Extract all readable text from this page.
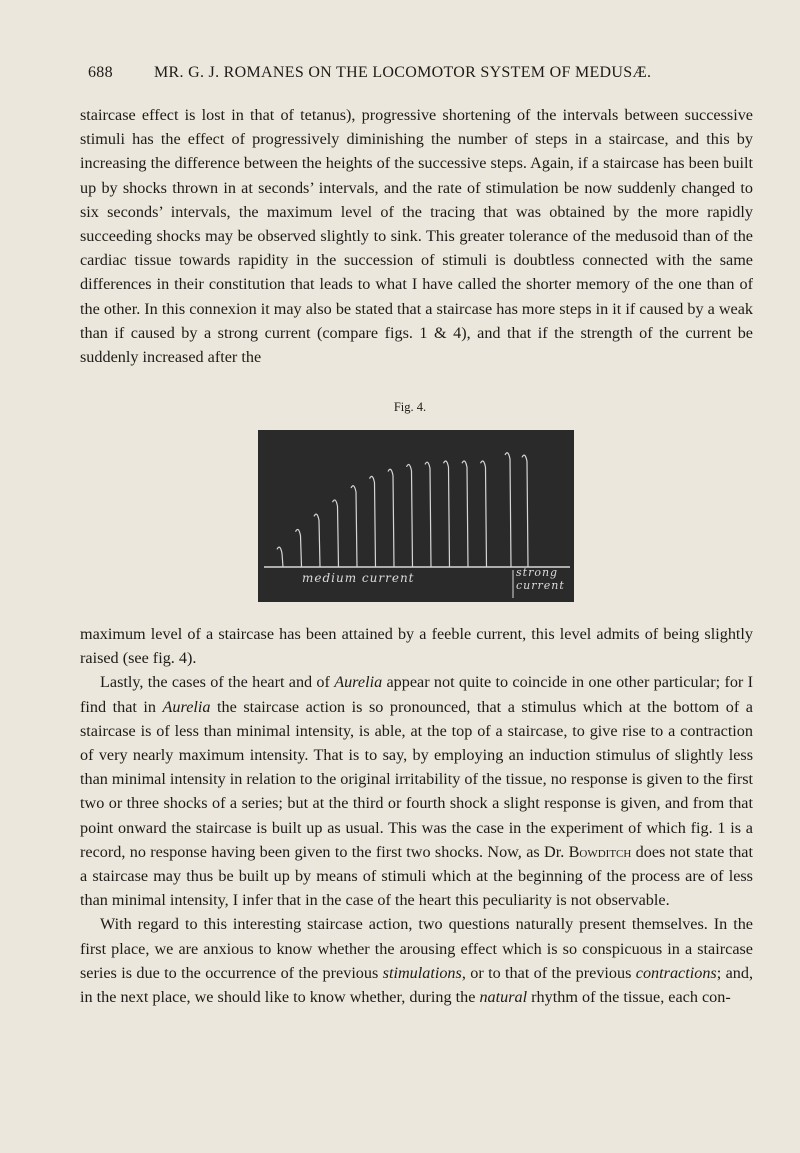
688	MR. G. J. ROMANES ON THE LOCOMOTOR SYSTEM OF MEDUSÆ.

staircase effect is lost in that of tetanus), progressive shortening of the intervals between successive stimuli has the effect of progressively diminishing the number of steps in a staircase, and this by increasing the difference between the heights of the successive steps. Again, if a staircase has been built up by shocks thrown in at seconds’ intervals, and the rate of stimulation be now suddenly changed to six seconds’ intervals, the maximum level of the tracing that was obtained by the more rapidly succeeding shocks may be observed slightly to sink. This greater tolerance of the medusoid than of the cardiac tissue towards rapidity in the succession of stimuli is doubtless connected with the same differences in their constitution that leads to what I have called the shorter memory of the one than of the other. In this connexion it may also be stated that a staircase has more steps in it if caused by a weak than if caused by a strong current (compare figs. 1 & 4), and that if the strength of the current be suddenly increased after the

Fig. 4.
medium current	strong
current

maximum level of a staircase has been attained by a feeble current, this level admits of being slightly raised (see fig. 4).

Lastly, the cases of the heart and of Aurelia appear not quite to coincide in one other particular; for I find that in Aurelia the staircase action is so pronounced, that a stimulus which at the bottom of a staircase is of less than minimal intensity, is able, at the top of a staircase, to give rise to a contraction of very nearly maximum intensity. That is to say, by employing an induction stimulus of slightly less than minimal intensity in relation to the original irritability of the tissue, no response is given to the first two or three shocks of a series; but at the third or fourth shock a slight response is given, and from that point onward the staircase is built up as usual. This was the case in the experiment of which fig. 1 is a record, no response having been given to the first two shocks. Now, as Dr. Bowditch does not state that a staircase may thus be built up by means of stimuli which at the beginning of the process are of less than minimal intensity, I infer that in the case of the heart this peculiarity is not observable.

With regard to this interesting staircase action, two questions naturally present themselves. In the first place, we are anxious to know whether the arousing effect which is so conspicuous in a staircase series is due to the occurrence of the previous stimulations, or to that of the previous contractions; and, in the next place, we should like to know whether, during the natural rhythm of the tissue, each con-
